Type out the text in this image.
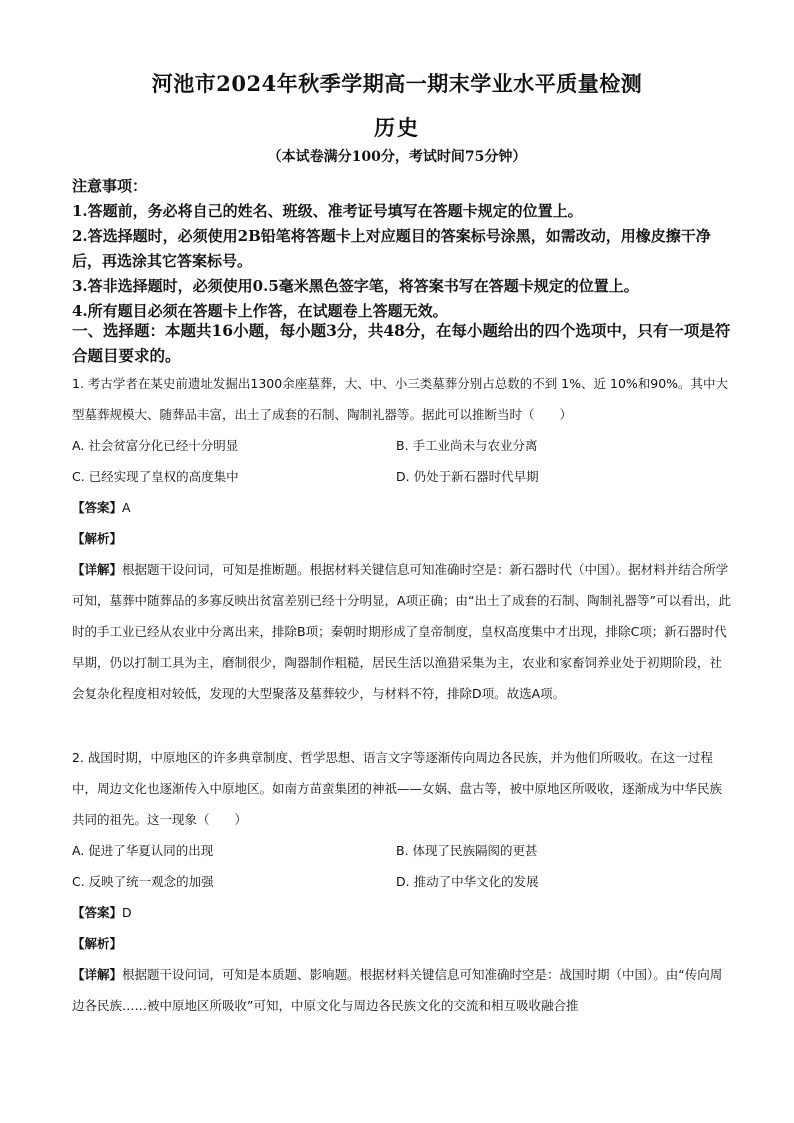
河池市2024年秋季学期高一期末学业水平质量检测
历史
（本试卷满分100分，考试时间75分钟）

注意事项：

1.答题前，务必将自己的姓名、班级、准考证号填写在答题卡规定的位置上。

2.答选择题时，必须使用2B铅笔将答题卡上对应题目的答案标号涂黑，如需改动，用橡皮擦干净后，再选涂其它答案标号。

3.答非选择题时，必须使用0.5毫米黑色签字笔，将答案书写在答题卡规定的位置上。

4.所有题目必须在答题卡上作答，在试题卷上答题无效。

一、选择题：本题共16小题，每小题3分，共48分，在每小题给出的四个选项中，只有一项是符合题目要求的。

1. 考古学者在某史前遗址发掘出1300余座墓葬，大、中、小三类墓葬分别占总数的不到 1%、近 10%和90%。其中大型墓葬规模大、随葬品丰富，出土了成套的石制、陶制礼器等。据此可以推断当时（　　）

A. 社会贫富分化已经十分明显	B. 手工业尚未与农业分离
C. 已经实现了皇权的高度集中	D. 仍处于新石器时代早期

【答案】A

【解析】

【详解】根据题干设问词，可知是推断题。根据材料关键信息可知准确时空是：新石器时代（中国）。据材料并结合所学可知，墓葬中随葬品的多寡反映出贫富差别已经十分明显，A项正确；由“出土了成套的石制、陶制礼器等”可以看出，此时的手工业已经从农业中分离出来，排除B项；秦朝时期形成了皇帝制度，皇权高度集中才出现，排除C项；新石器时代早期，仍以打制工具为主，磨制很少，陶器制作粗糙，居民生活以渔猎采集为主，农业和家畜饲养业处于初期阶段，社会复杂化程度相对较低，发现的大型聚落及墓葬较少，与材料不符，排除D项。故选A项。

2. 战国时期，中原地区的许多典章制度、哲学思想、语言文字等逐渐传向周边各民族，并为他们所吸收。在这一过程中，周边文化也逐渐传入中原地区。如南方苗蛮集团的神祇——女娲、盘古等，被中原地区所吸收，逐渐成为中华民族共同的祖先。这一现象（　　）

A. 促进了华夏认同的出现	B. 体现了民族隔阂的更甚
C. 反映了统一观念的加强	D. 推动了中华文化的发展

【答案】D

【解析】

【详解】根据题干设问词，可知是本质题、影响题。根据材料关键信息可知准确时空是：战国时期（中国）。由“传向周边各民族……被中原地区所吸收”可知，中原文化与周边各民族文化的交流和相互吸收融合推
